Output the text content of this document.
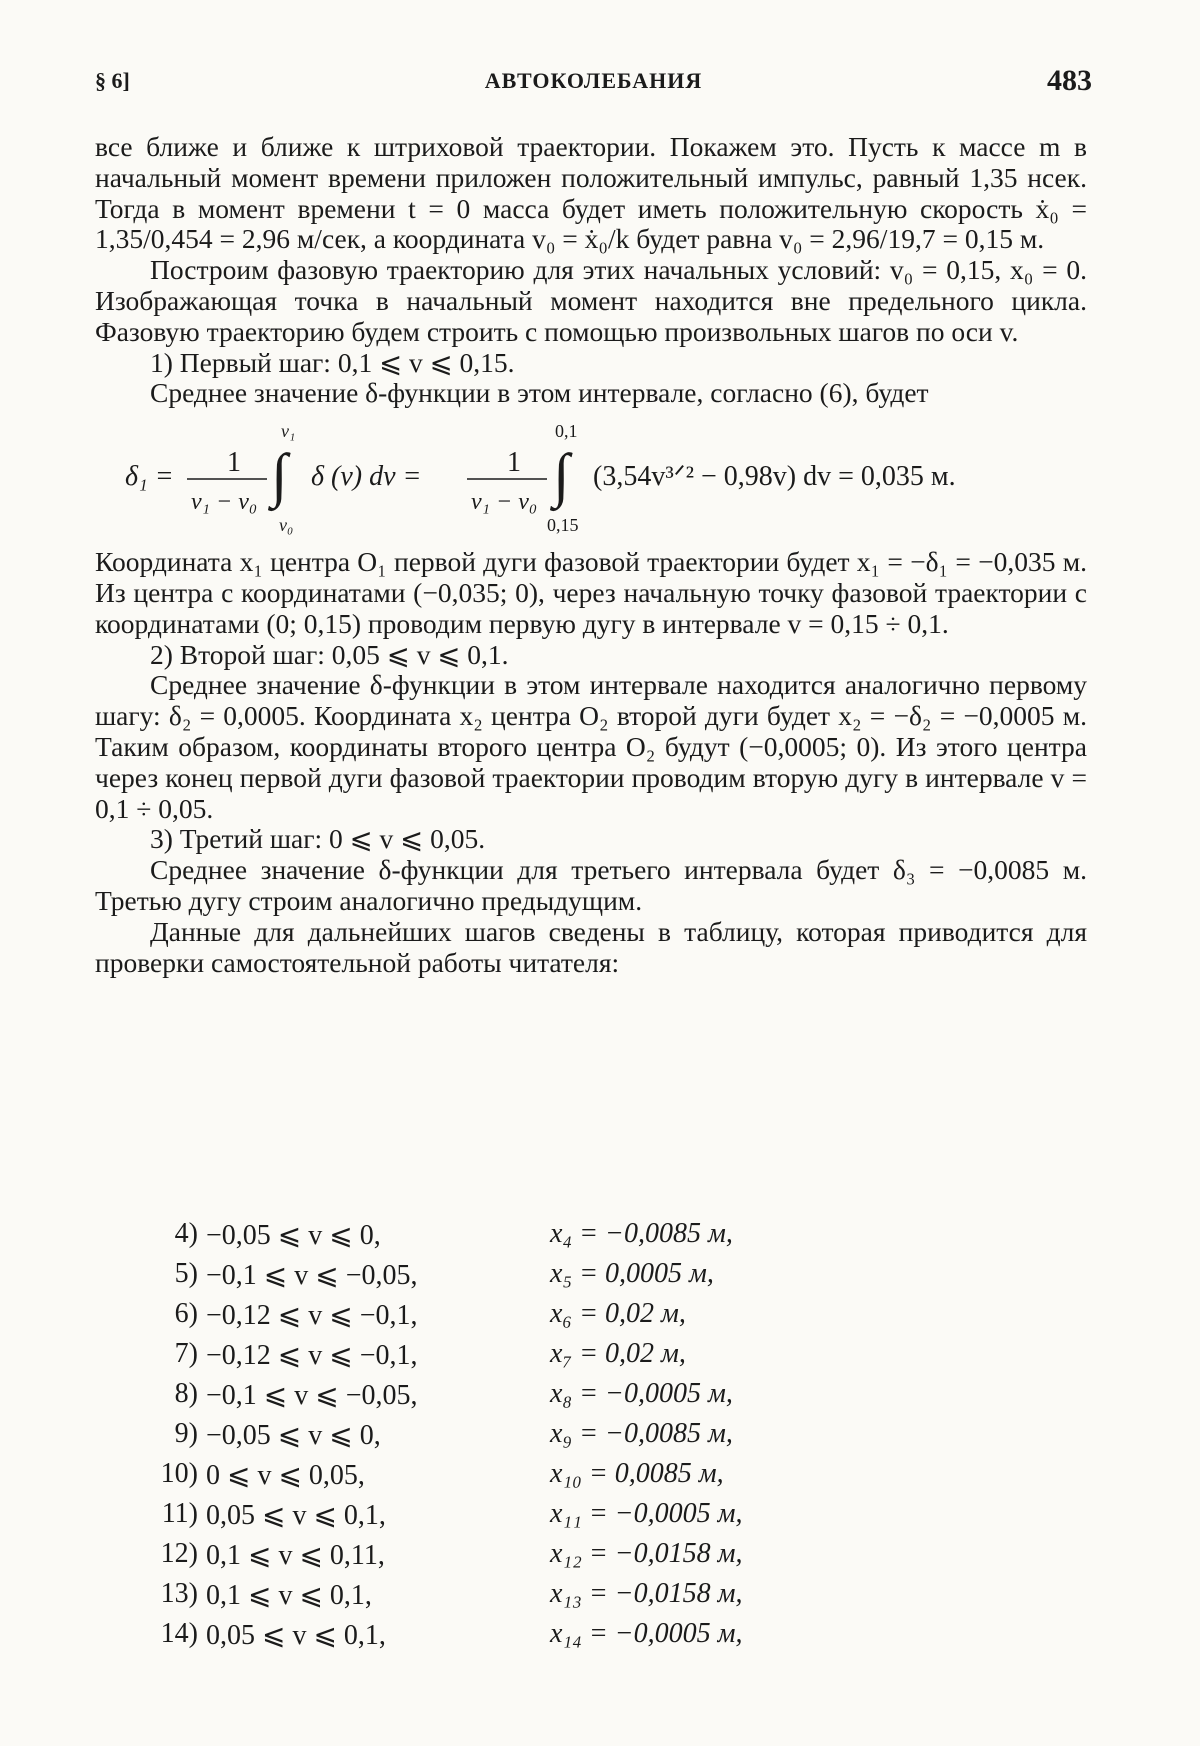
§ 6]	АВТОКОЛЕБАНИЯ	483

все ближе и ближе к штриховой траектории. Покажем это. Пусть к массе m в начальный момент времени приложен положительный импульс, равный 1,35 нсек. Тогда в момент времени t = 0 масса будет иметь положительную скорость ẋ₀ = 1,35/0,454 = 2,96 м/сек, а координата v₀ = ẋ₀/k будет равна v₀ = 2,96/19,7 = 0,15 м.

Построим фазовую траекторию для этих начальных условий: v₀ = 0,15, x₀ = 0. Изображающая точка в начальный момент находится вне предельного цикла. Фазовую траекторию будем строить с помощью произвольных шагов по оси v.

1) Первый шаг: 0,1 ⩽ v ⩽ 0,15.

Среднее значение δ-функции в этом интервале, согласно (6), будет

δ₁ = 1
v₁ − v₀ ∫
v₁
v₀
δ (v) dv =	1
v₁ − v₀ ∫
0,1
0,15
(3,54v³ᐟ² − 0,98v) dv = 0,035 м.

Координата x₁ центра O₁ первой дуги фазовой траектории будет x₁ = −δ₁ = −0,035 м. Из центра с координатами (−0,035; 0), через начальную точку фазовой траектории с координатами (0; 0,15) проводим первую дугу в интервале v = 0,15 ÷ 0,1.

2) Второй шаг: 0,05 ⩽ v ⩽ 0,1.

Среднее значение δ-функции в этом интервале находится аналогично первому шагу: δ₂ = 0,0005. Координата x₂ центра O₂ второй дуги будет x₂ = −δ₂ = −0,0005 м. Таким образом, координаты второго центра O₂ будут (−0,0005; 0). Из этого центра через конец первой дуги фазовой траектории проводим вторую дугу в интервале v = 0,1 ÷ 0,05.

3) Третий шаг: 0 ⩽ v ⩽ 0,05.

Среднее значение δ-функции для третьего интервала будет δ₃ = −0,0085 м. Третью дугу строим аналогично предыдущим.

Данные для дальнейших шагов сведены в таблицу, которая приводится для проверки самостоятельной работы читателя:

4) −0,05 ⩽ v ⩽ 0,	x₄ = −0,0085 м,
5) −0,1 ⩽ v ⩽ −0,05,	x₅ = 0,0005 м,
6) −0,12 ⩽ v ⩽ −0,1,	x₆ = 0,02 м,
7) −0,12 ⩽ v ⩽ −0,1,	x₇ = 0,02 м,
8) −0,1 ⩽ v ⩽ −0,05,	x₈ = −0,0005 м,
9) −0,05 ⩽ v ⩽ 0,	x₉ = −0,0085 м,
10) 0 ⩽ v ⩽ 0,05,	x₁₀ = 0,0085 м,
11) 0,05 ⩽ v ⩽ 0,1,	x₁₁ = −0,0005 м,
12) 0,1 ⩽ v ⩽ 0,11,	x₁₂ = −0,0158 м,
13) 0,1 ⩽ v ⩽ 0,1,	x₁₃ = −0,0158 м,
14) 0,05 ⩽ v ⩽ 0,1,	x₁₄ = −0,0005 м,
